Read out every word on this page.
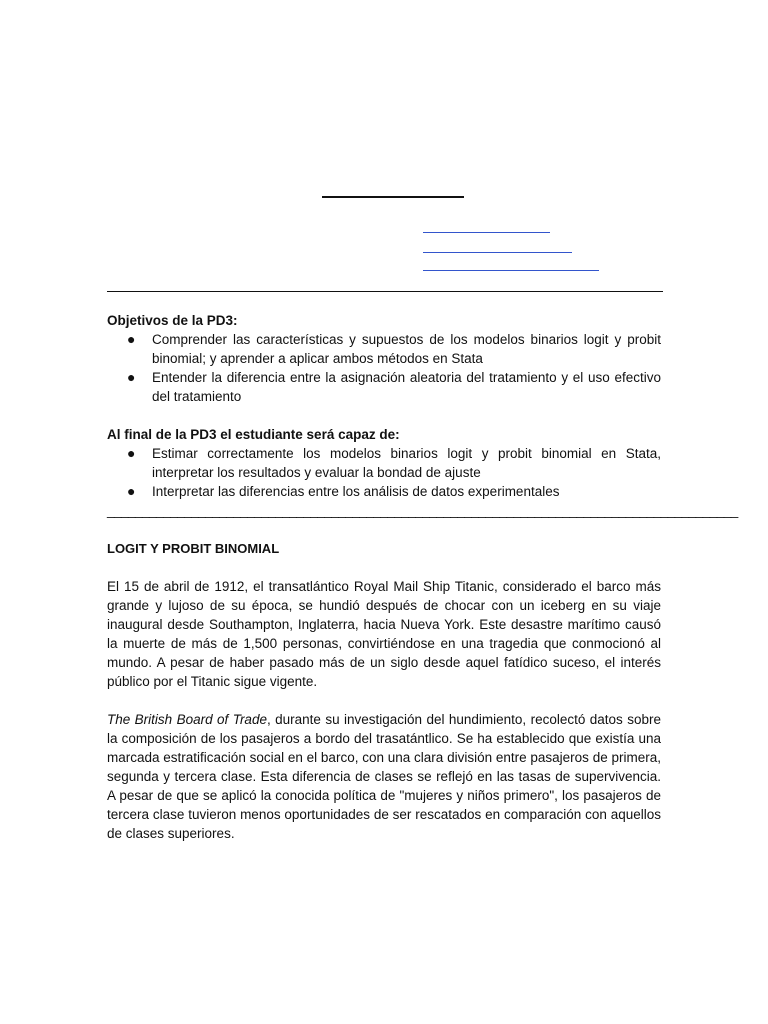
Objetivos de la PD3:

● Comprender las características y supuestos de los modelos binarios logit y probit binomial; y aprender a aplicar ambos métodos en Stata
● Entender la diferencia entre la asignación aleatoria del tratamiento y el uso efectivo del tratamiento

Al final de la PD3 el estudiante será capaz de:

● Estimar correctamente los modelos binarios logit y probit binomial en Stata, interpretar los resultados y evaluar la bondad de ajuste
● Interpretar las diferencias entre los análisis de datos experimentales
__________________________________________________________________________________________

LOGIT Y PROBIT BINOMIAL

El 15 de abril de 1912, el transatlántico Royal Mail Ship Titanic, considerado el barco más grande y lujoso de su época, se hundió después de chocar con un iceberg en su viaje inaugural desde Southampton, Inglaterra, hacia Nueva York. Este desastre marítimo causó la muerte de más de 1,500 personas, convirtiéndose en una tragedia que conmocionó al mundo. A pesar de haber pasado más de un siglo desde aquel fatídico suceso, el interés público por el Titanic sigue vigente.

The British Board of Trade, durante su investigación del hundimiento, recolectó datos sobre la composición de los pasajeros a bordo del trasatántlico. Se ha establecido que existía una marcada estratificación social en el barco, con una clara división entre pasajeros de primera, segunda y tercera clase. Esta diferencia de clases se reflejó en las tasas de supervivencia. A pesar de que se aplicó la conocida política de "mujeres y niños primero", los pasajeros de tercera clase tuvieron menos oportunidades de ser rescatados en comparación con aquellos de clases superiores.
